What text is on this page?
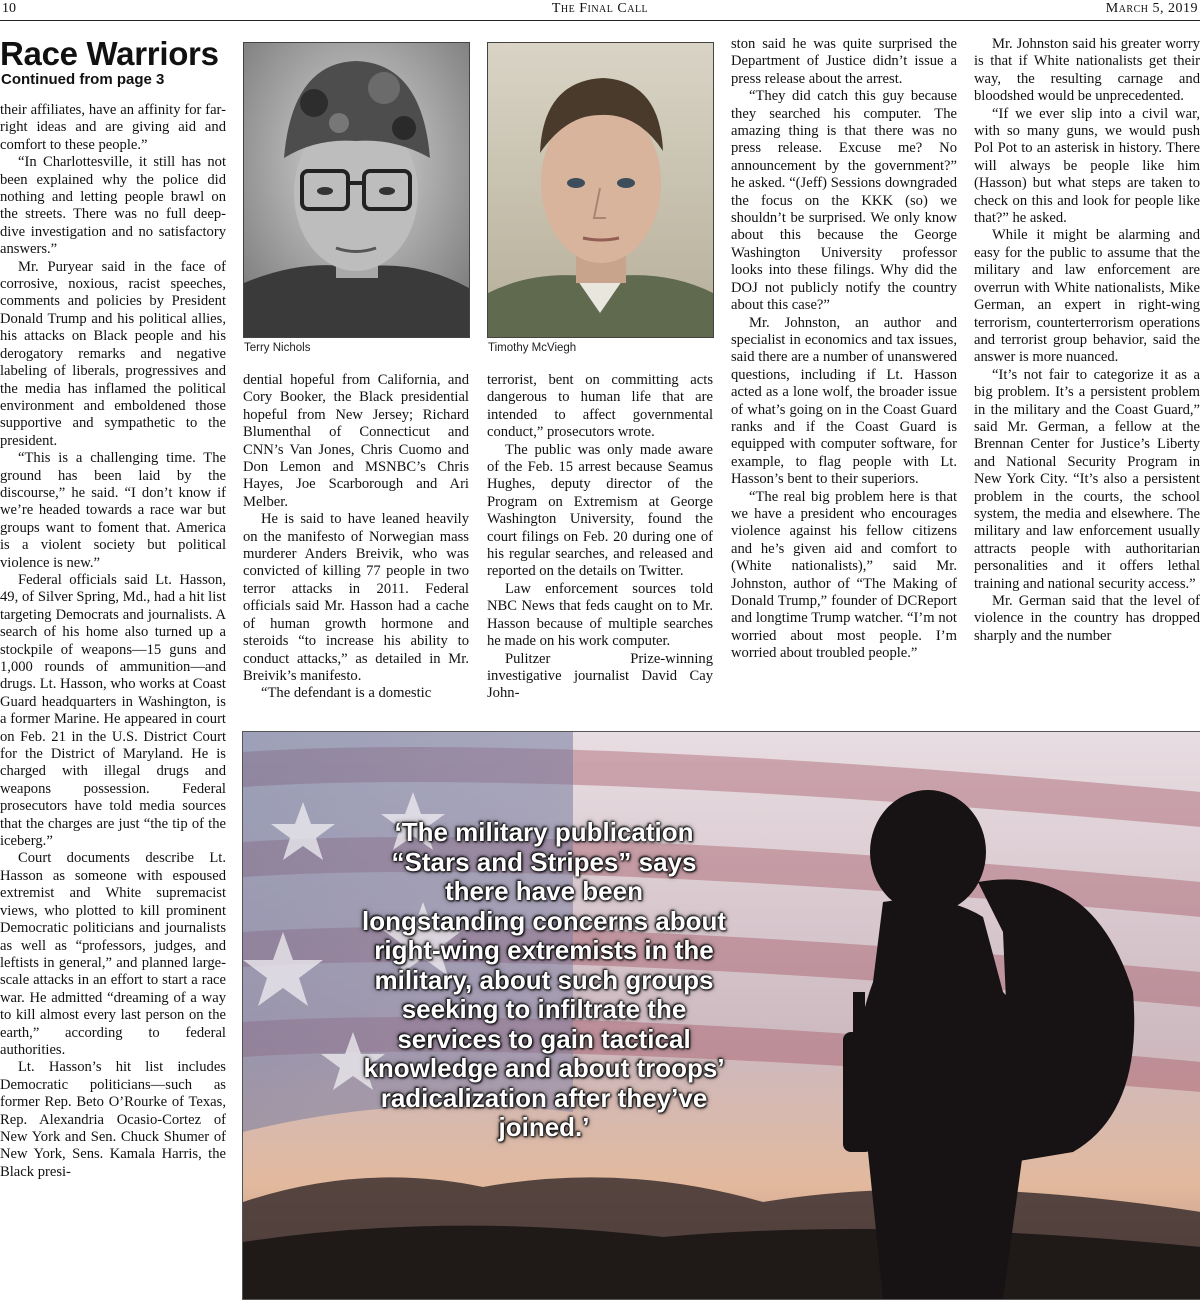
10	The Final Call	March 5, 2019
Race Warriors
Continued from page 3

their affiliates, have an affinity for far-right ideas and are giving aid and comfort to these people.”

“In Charlottesville, it still has not been explained why the police did nothing and letting people brawl on the streets. There was no full deep-dive investigation and no satisfactory answers.”

Mr. Puryear said in the face of corrosive, noxious, racist speeches, comments and policies by President Donald Trump and his political allies, his attacks on Black people and his derogatory remarks and negative labeling of liberals, progressives and the media has inflamed the political environment and emboldened those supportive and sympathetic to the president.

“This is a challenging time. The ground has been laid by the discourse,” he said. “I don’t know if we’re headed towards a race war but groups want to foment that. America is a violent society but political violence is new.”

Federal officials said Lt. Hasson, 49, of Silver Spring, Md., had a hit list targeting Democrats and journalists. A search of his home also turned up a stockpile of weapons—15 guns and 1,000 rounds of ammunition—and drugs. Lt. Hasson, who works at Coast Guard headquarters in Washington, is a former Marine. He appeared in court on Feb. 21 in the U.S. District Court for the District of Maryland. He is charged with illegal drugs and weapons possession. Federal prosecutors have told media sources that the charges are just “the tip of the iceberg.”

Court documents describe Lt. Hasson as someone with espoused extremist and White supremacist views, who plotted to kill prominent Democratic politicians and journalists as well as “professors, judges, and leftists in general,” and planned large-scale attacks in an effort to start a race war. He admitted “dreaming of a way to kill almost every last person on the earth,” according to federal authorities.

Lt. Hasson’s hit list includes Democratic politicians—such as former Rep. Beto O’Rourke of Texas, Rep. Alexandria Ocasio-Cortez of New York and Sen. Chuck Shumer of New York, Sens. Kamala Harris, the Black presi-

Terry Nichols	Timothy McViegh

dential hopeful from California, and Cory Booker, the Black presidential hopeful from New Jersey; Richard Blumenthal of Connecticut and CNN’s Van Jones, Chris Cuomo and Don Lemon and MSNBC’s Chris Hayes, Joe Scarborough and Ari Melber.

He is said to have leaned heavily on the manifesto of Norwegian mass murderer Anders Breivik, who was convicted of killing 77 people in two terror attacks in 2011. Federal officials said Mr. Hasson had a cache of human growth hormone and steroids “to increase his ability to conduct attacks,” as detailed in Mr. Breivik’s manifesto.

“The defendant is a domestic

terrorist, bent on committing acts dangerous to human life that are intended to affect governmental conduct,” prosecutors wrote.

The public was only made aware of the Feb. 15 arrest because Seamus Hughes, deputy director of the Program on Extremism at George Washington University, found the court filings on Feb. 20 during one of his regular searches, and released and reported on the details on Twitter.

Law enforcement sources told NBC News that feds caught on to Mr. Hasson because of multiple searches he made on his work computer.

Pulitzer Prize-winning investigative journalist David Cay John-

ston said he was quite surprised the Department of Justice didn’t issue a press release about the arrest.

“They did catch this guy because they searched his computer. The amazing thing is that there was no press release. Excuse me? No announcement by the government?” he asked. “(Jeff) Sessions downgraded the focus on the KKK (so) we shouldn’t be surprised. We only know about this because the George Washington University professor looks into these filings. Why did the DOJ not publicly notify the country about this case?”

Mr. Johnston, an author and specialist in economics and tax issues, said there are a number of unanswered questions, including if Lt. Hasson acted as a lone wolf, the broader issue of what’s going on in the Coast Guard ranks and if the Coast Guard is equipped with computer software, for example, to flag people with Lt. Hasson’s bent to their superiors.

“The real big problem here is that we have a president who encourages violence against his fellow citizens and he’s given aid and comfort to (White nationalists),” said Mr. Johnston, author of “The Making of Donald Trump,” founder of DCReport and longtime Trump watcher. “I’m not worried about most people. I’m worried about troubled people.”

Mr. Johnston said his greater worry is that if White nationalists get their way, the resulting carnage and bloodshed would be unprecedented.

“If we ever slip into a civil war, with so many guns, we would push Pol Pot to an asterisk in history. There will always be people like him (Hasson) but what steps are taken to check on this and look for people like that?” he asked.

While it might be alarming and easy for the public to assume that the military and law enforcement are overrun with White nationalists, Mike German, an expert in right-wing terrorism, counterterrorism operations and terrorist group behavior, said the answer is more nuanced.

“It’s not fair to categorize it as a big problem. It’s a persistent problem in the military and the Coast Guard,” said Mr. German, a fellow at the Brennan Center for Justice’s Liberty and National Security Program in New York City. “It’s also a persistent problem in the courts, the school system, the media and elsewhere. The military and law enforcement usually attracts people with authoritarian personalities and it offers lethal training and national security access.”

Mr. German said that the level of violence in the country has dropped sharply and the number

‘The military publication “Stars and Stripes” says there have been longstanding concerns about right-wing extremists in the military, about such groups seeking to infiltrate the services to gain tactical knowledge and about troops’ radicalization after they’ve joined.’
